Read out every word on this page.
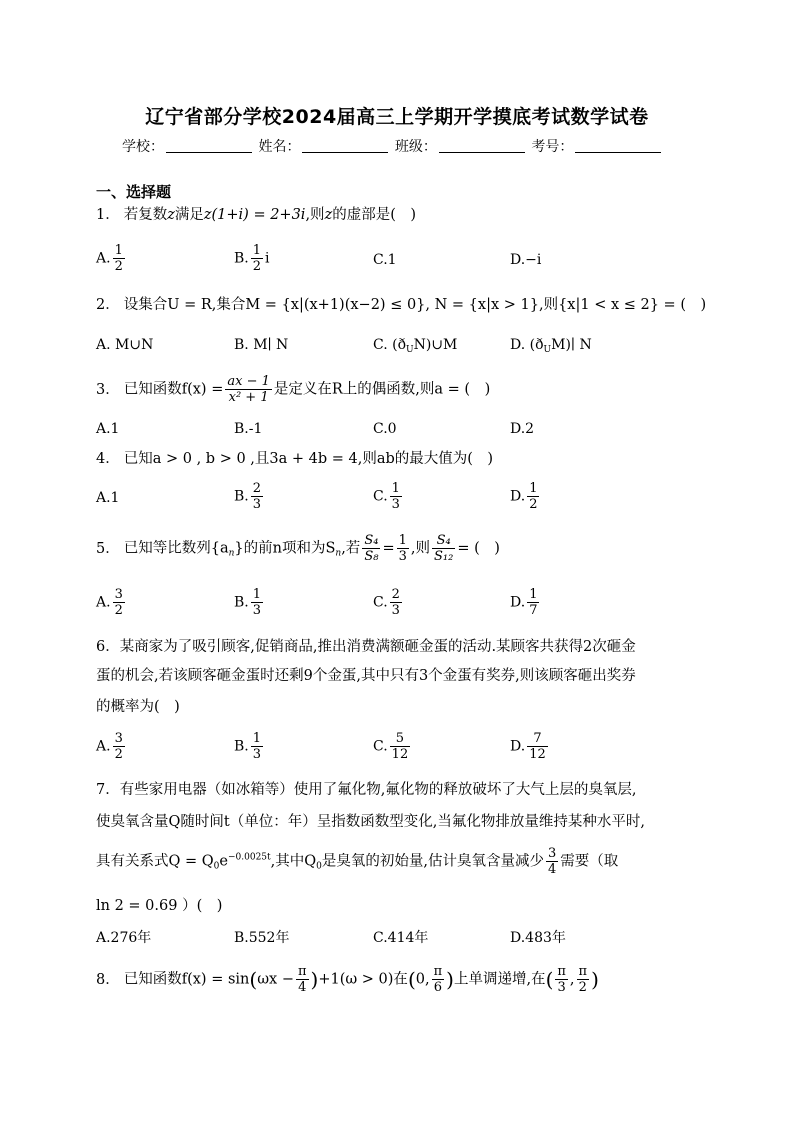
辽宁省部分学校2024届高三上学期开学摸底考试数学试卷
学校：	姓名：	班级：	考号：
一、选择题
1． 若复数z满足z(1+i) = 2+3i,则z的虚部是(　)
A. $\frac{1}{2}$	B. $\frac{1}{2}$ i	C.1	D.−i
2． 设集合U = R,集合M = {x|(x+1)(x−2) ≤ 0}, N = {x|x > 1},则{x|1 < x ≤ 2} = (　)
A. M∪N	B. M∣ N	C. $(ð_UN)\cup M$	D. $(ð_UM)∣$ N
3． 已知函数$f(x) = \frac{ax - 1}{\text{x² + 1}}$ 是定义在R上的偶函数,则a = (　)
A.1	B.-1	C.0	D.2
4． 已知a > 0 , b > 0 ,且3a + 4b = 4,则ab的最大值为(　)
A.1	B. $\frac{2}{3}$	C. $\frac{1}{3}$	D. $\frac{1}{2}$
5． 已知等比数列$\{a_n\}$的前n项和为$S_n$,若 $\frac{\text{S₄}}{\text{S₈}} = \frac{1}{3}$ ,则 $\frac{\text{S₄}}{\text{S₁₂}}$ = (　)
A. $\frac{3}{2}$	B. $\frac{1}{3}$	C. $\frac{2}{3}$	D. $\frac{1}{7}$
6．某商家为了吸引顾客,促销商品,推出消费满额砸金蛋的活动.某顾客共获得2次砸金
蛋的机会,若该顾客砸金蛋时还剩9个金蛋,其中只有3个金蛋有奖券,则该顾客砸出奖券
的概率为(　)
A. $\frac{3}{2}$	B. $\frac{1}{3}$	C. $\frac{5}{12}$	D. $\frac{7}{12}$
7．有些家用电器（如冰箱等）使用了氟化物,氟化物的释放破坏了大气上层的臭氧层,
使臭氧含量Q随时间t（单位：年）呈指数函数型变化,当氟化物排放量维持某种水平时,
具有关系式$Q = Q_0e^{-0.0025t}$,其中$Q_0$是臭氧的初始量,估计臭氧含量减少 $\frac{3}{4}$ 需要（取
ln 2 = 0.69 ）(　)
A.276年	B.552年	C.414年	D.483年
8． 已知函数$f(x) = \sin(\omega x - \frac{\pi}{4} )+1(\omega > 0)$在(0, $\frac{\pi}{6}$ )上单调递增,在( $\frac{\pi}{3}$ , $\frac{\pi}{2}$ )
